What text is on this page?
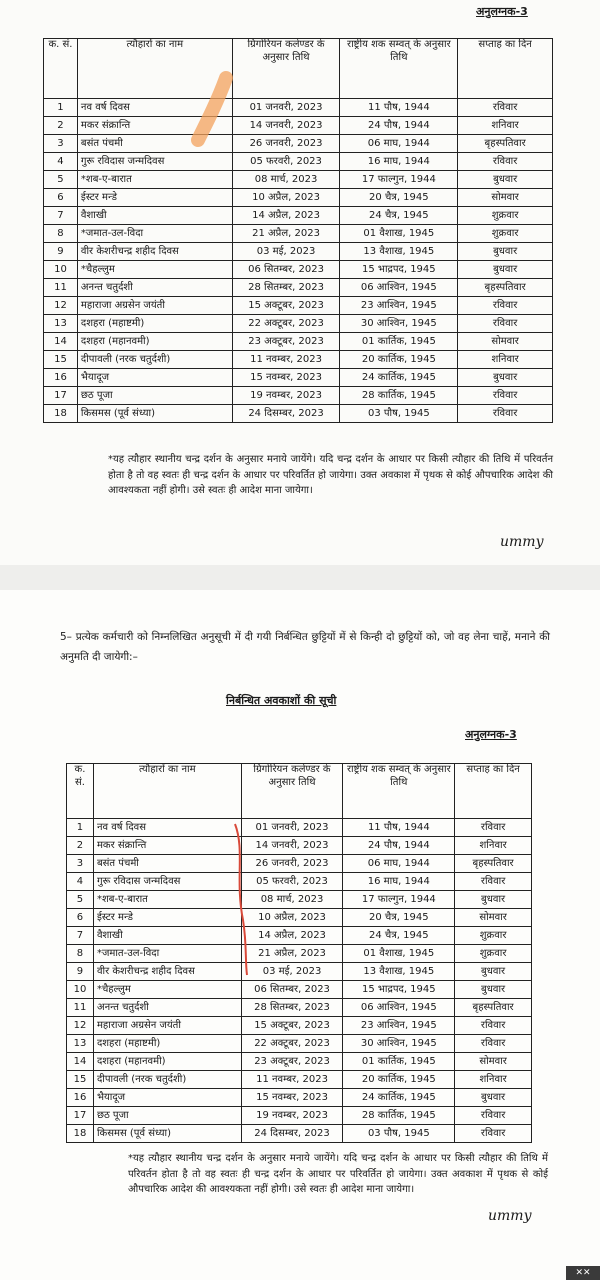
अनुलग्नक-3
क. सं.	त्यौहारों का नाम	ग्रिगोरियन कलेण्डर के अनुसार तिथि	राष्ट्रीय शक सम्वत् के अनुसार तिथि	सप्ताह का दिन
1	नव वर्ष दिवस	01 जनवरी, 2023	11 पौष, 1944	रविवार
2	मकर संक्रान्ति	14 जनवरी, 2023	24 पौष, 1944	शनिवार
3	बसंत पंचमी	26 जनवरी, 2023	06 माघ, 1944	बृहस्पतिवार
4	गुरू रविदास जन्मदिवस	05 फरवरी, 2023	16 माघ, 1944	रविवार
5	*शब-ए-बारात	08 मार्च, 2023	17 फाल्गुन, 1944	बुधवार
6	ईस्टर मन्डे	10 अप्रैल, 2023	20 चैत्र, 1945	सोमवार
7	वैशाखी	14 अप्रैल, 2023	24 चैत्र, 1945	शुक्रवार
8	*जमात-उल-विदा	21 अप्रैल, 2023	01 वैशाख, 1945	शुक्रवार
9	वीर केशरीचन्द्र शहीद दिवस	03 मई, 2023	13 वैशाख, 1945	बुधवार
10	*चैहल्लुम	06 सितम्बर, 2023	15 भाद्रपद, 1945	बुधवार
11	अनन्त चतुर्दशी	28 सितम्बर, 2023	06 आश्विन, 1945	बृहस्पतिवार
12	महाराजा अग्रसेन जयंती	15 अक्टूबर, 2023	23 आश्विन, 1945	रविवार
13	दशहरा (महाष्टमी)	22 अक्टूबर, 2023	30 आश्विन, 1945	रविवार
14	दशहरा (महानवमी)	23 अक्टूबर, 2023	01 कार्तिक, 1945	सोमवार
15	दीपावली (नरक चतुर्दशी)	11 नवम्बर, 2023	20 कार्तिक, 1945	शनिवार
16	भैयादूज	15 नवम्बर, 2023	24 कार्तिक, 1945	बुधवार
17	छठ पूजा	19 नवम्बर, 2023	28 कार्तिक, 1945	रविवार
18	किसमस (पूर्व संध्या)	24 दिसम्बर, 2023	03 पौष, 1945	रविवार
*यह त्यौहार स्थानीय चन्द्र दर्शन के अनुसार मनाये जायेंगे। यदि चन्द्र दर्शन के आधार पर किसी त्यौहार की तिथि में परिवर्तन होता है तो वह स्वतः ही चन्द्र दर्शन के आधार पर परिवर्तित हो जायेगा। उक्त अवकाश में पृथक से कोई औपचारिक आदेश की आवश्यकता नहीं होगी। उसे स्वतः ही आदेश माना जायेगा।
ummy
5– प्रत्येक कर्मचारी को निम्नलिखित अनुसूची में दी गयी निर्बन्धित छुट्टियों में से किन्ही दो छुट्टियों को, जो वह लेना चाहें, मनाने की अनुमति दी जायेगी:–
निर्बन्धित अवकाशों की सूची
अनुलग्नक-3
क. सं.	त्यौहारों का नाम	ग्रिगोरियन कलेण्डर के अनुसार तिथि	राष्ट्रीय शक सम्वत् के अनुसार तिथि	सप्ताह का दिन
1	नव वर्ष दिवस	01 जनवरी, 2023	11 पौष, 1944	रविवार
2	मकर संक्रान्ति	14 जनवरी, 2023	24 पौष, 1944	शनिवार
3	बसंत पंचमी	26 जनवरी, 2023	06 माघ, 1944	बृहस्पतिवार
4	गुरू रविदास जन्मदिवस	05 फरवरी, 2023	16 माघ, 1944	रविवार
5	*शब-ए-बारात	08 मार्च, 2023	17 फाल्गुन, 1944	बुधवार
6	ईस्टर मन्डे	10 अप्रैल, 2023	20 चैत्र, 1945	सोमवार
7	वैशाखी	14 अप्रैल, 2023	24 चैत्र, 1945	शुक्रवार
8	*जमात-उल-विदा	21 अप्रैल, 2023	01 वैशाख, 1945	शुक्रवार
9	वीर केशरीचन्द्र शहीद दिवस	03 मई, 2023	13 वैशाख, 1945	बुधवार
10	*चैहल्लुम	06 सितम्बर, 2023	15 भाद्रपद, 1945	बुधवार
11	अनन्त चतुर्दशी	28 सितम्बर, 2023	06 आश्विन, 1945	बृहस्पतिवार
12	महाराजा अग्रसेन जयंती	15 अक्टूबर, 2023	23 आश्विन, 1945	रविवार
13	दशहरा (महाष्टमी)	22 अक्टूबर, 2023	30 आश्विन, 1945	रविवार
14	दशहरा (महानवमी)	23 अक्टूबर, 2023	01 कार्तिक, 1945	सोमवार
15	दीपावली (नरक चतुर्दशी)	11 नवम्बर, 2023	20 कार्तिक, 1945	शनिवार
16	भैयादूज	15 नवम्बर, 2023	24 कार्तिक, 1945	बुधवार
17	छठ पूजा	19 नवम्बर, 2023	28 कार्तिक, 1945	रविवार
18	किसमस (पूर्व संध्या)	24 दिसम्बर, 2023	03 पौष, 1945	रविवार
*यह त्यौहार स्थानीय चन्द्र दर्शन के अनुसार मनाये जायेंगे। यदि चन्द्र दर्शन के आधार पर किसी त्यौहार की तिथि में परिवर्तन होता है तो वह स्वतः ही चन्द्र दर्शन के आधार पर परिवर्तित हो जायेगा। उक्त अवकाश में पृथक से कोई औपचारिक आदेश की आवश्यकता नहीं होगी। उसे स्वतः ही आदेश माना जायेगा।
ummy
✕✕
